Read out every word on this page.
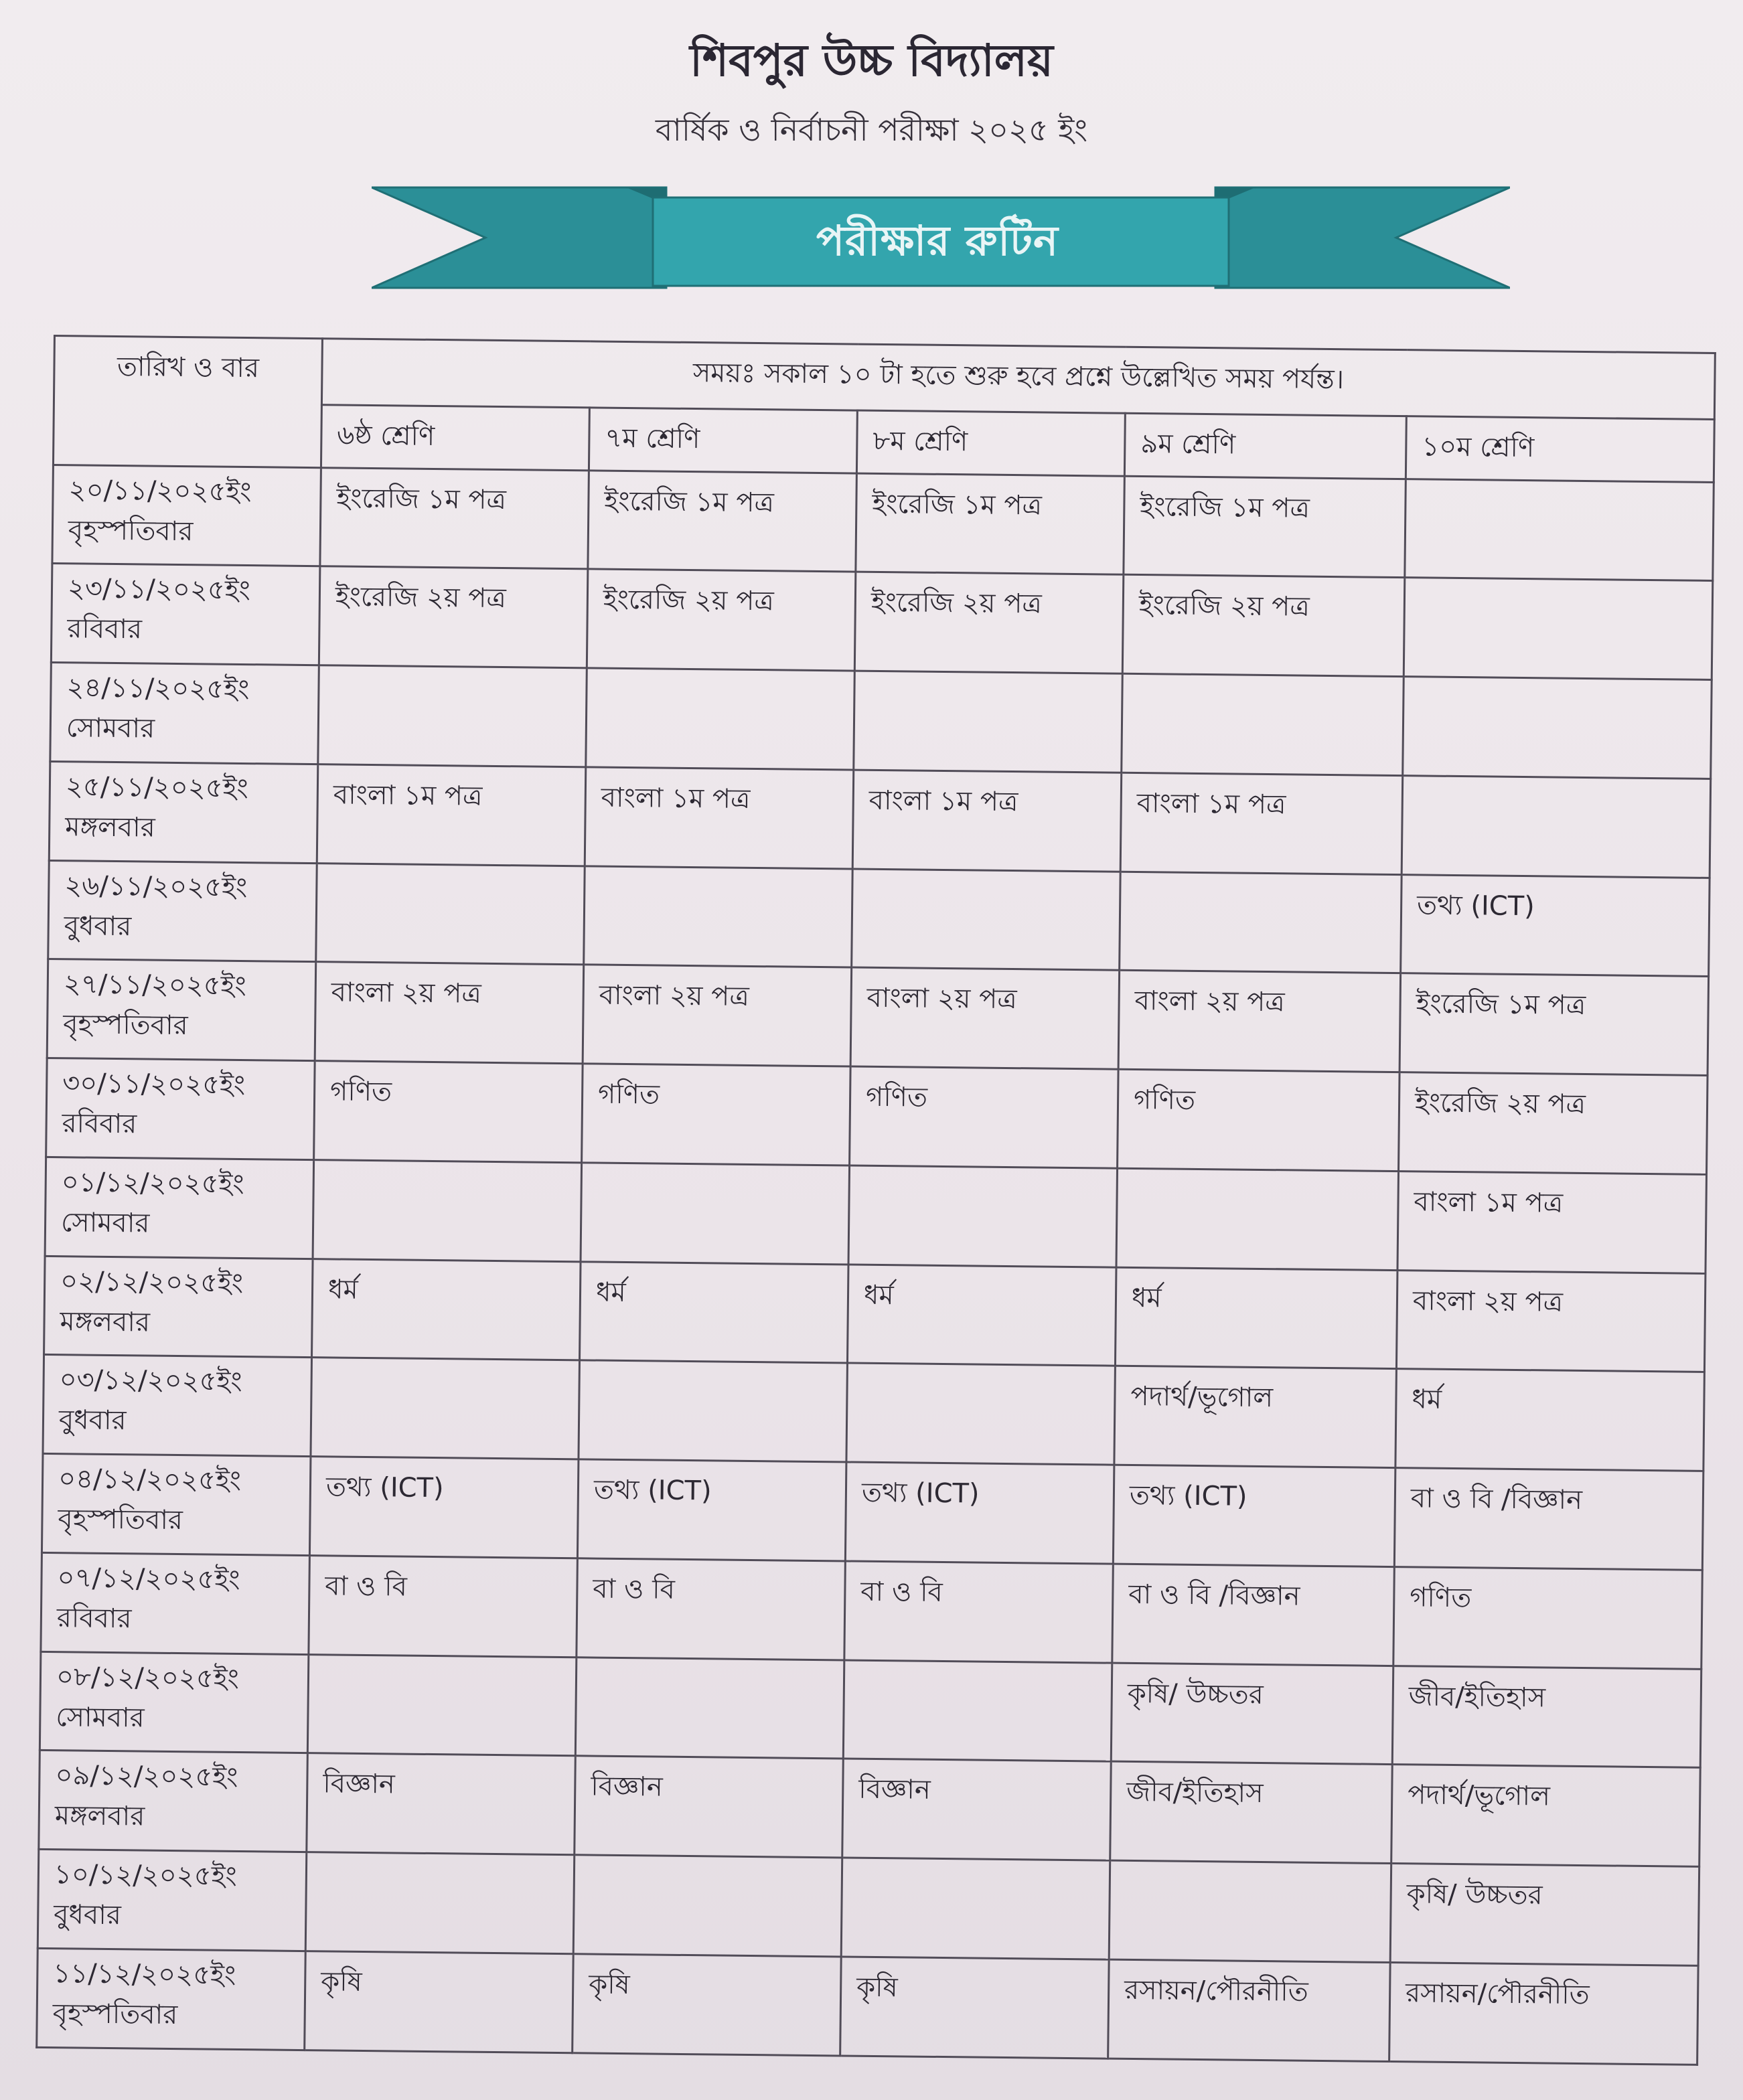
শিবপুর উচ্চ বিদ্যালয়
বার্ষিক ও নির্বাচনী পরীক্ষা ২০২৫ ইং
পরীক্ষার রুটিন
তারিখ ও বার	সময়ঃ সকাল ১০ টা হতে শুরু হবে প্রশ্নে উল্লেখিত সময় পর্যন্ত।				
	৬ষ্ঠ শ্রেণি	৭ম শ্রেণি	৮ম শ্রেণি	৯ম শ্রেণি	১০ম শ্রেণি

২০/১১/২০২৫ইং
বৃহস্পতিবার	ইংরেজি ১ম পত্র	ইংরেজি ১ম পত্র	ইংরেজি ১ম পত্র	ইংরেজি ১ম পত্র	

২৩/১১/২০২৫ইং
রবিবার	ইংরেজি ২য় পত্র	ইংরেজি ২য় পত্র	ইংরেজি ২য় পত্র	ইংরেজি ২য় পত্র	

২৪/১১/২০২৫ইং
সোমবার					

২৫/১১/২০২৫ইং
মঙ্গলবার	বাংলা ১ম পত্র	বাংলা ১ম পত্র	বাংলা ১ম পত্র	বাংলা ১ম পত্র	

২৬/১১/২০২৫ইং
বুধবার					তথ্য (ICT)

২৭/১১/২০২৫ইং
বৃহস্পতিবার	বাংলা ২য় পত্র	বাংলা ২য় পত্র	বাংলা ২য় পত্র	বাংলা ২য় পত্র	ইংরেজি ১ম পত্র

৩০/১১/২০২৫ইং
রবিবার	গণিত	গণিত	গণিত	গণিত	ইংরেজি ২য় পত্র

০১/১২/২০২৫ইং
সোমবার					বাংলা ১ম পত্র

০২/১২/২০২৫ইং
মঙ্গলবার	ধর্ম	ধর্ম	ধর্ম	ধর্ম	বাংলা ২য় পত্র

০৩/১২/২০২৫ইং
বুধবার				পদার্থ/ভূগোল	ধর্ম

০৪/১২/২০২৫ইং
বৃহস্পতিবার	তথ্য (ICT)	তথ্য (ICT)	তথ্য (ICT)	তথ্য (ICT)	বা ও বি /বিজ্ঞান

০৭/১২/২০২৫ইং
রবিবার	বা ও বি	বা ও বি	বা ও বি	বা ও বি /বিজ্ঞান	গণিত

০৮/১২/২০২৫ইং
সোমবার				কৃষি/ উচ্চতর	জীব/ইতিহাস

০৯/১২/২০২৫ইং
মঙ্গলবার	বিজ্ঞান	বিজ্ঞান	বিজ্ঞান	জীব/ইতিহাস	পদার্থ/ভূগোল

১০/১২/২০২৫ইং
বুধবার					কৃষি/ উচ্চতর

১১/১২/২০২৫ইং
বৃহস্পতিবার	কৃষি	কৃষি	কৃষি	রসায়ন/পৌরনীতি	রসায়ন/পৌরনীতি
